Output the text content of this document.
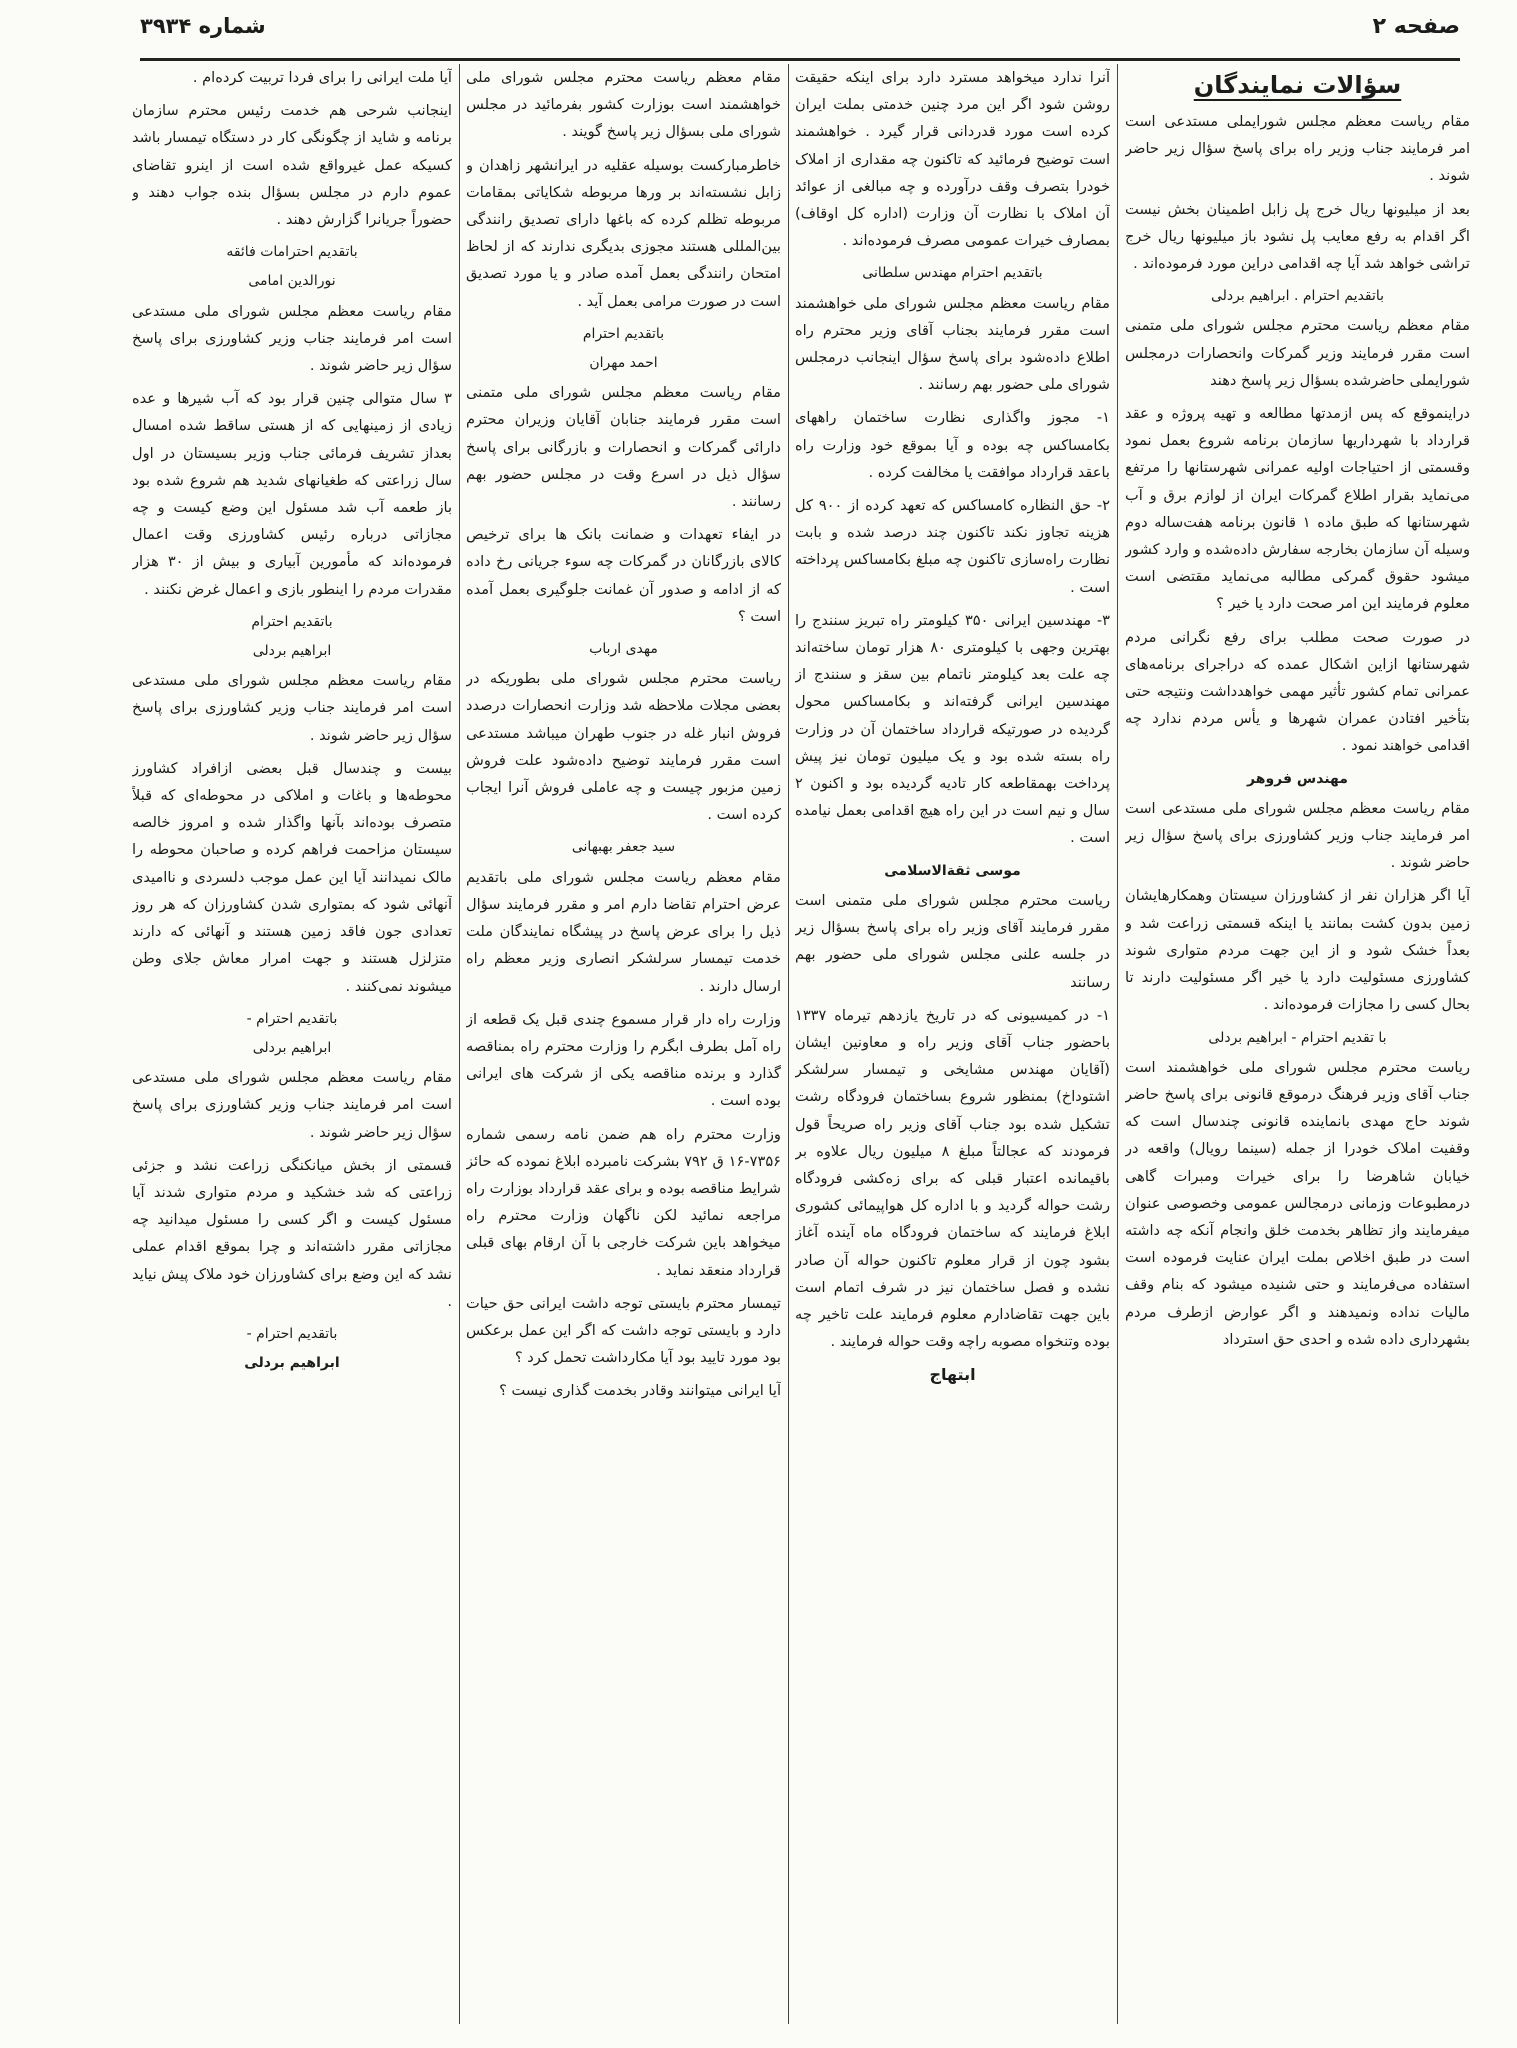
شماره ۳۹۳۴	صفحه ۲
سؤالات نمایندگان

مقام ریاست معظم مجلس شورایملی مستدعی است امر فرمایند جناب وزیر راه برای پاسخ سؤال زیر حاضر شوند .

بعد از میلیونها ریال خرج پل زابل اطمینان بخش نیست اگر اقدام به رفع معایب پل نشود باز میلیونها ریال خرج تراشی خواهد شد آیا چه اقدامی دراین مورد فرموده‌اند .

باتقدیم احترام . ابراهیم بردلی

مقام معظم ریاست محترم مجلس شورای ملی متمنی است مقرر فرمایند وزیر گمرکات وانحصارات درمجلس شورایملی حاضرشده بسؤال زیر پاسخ دهند

دراینموقع که پس ازمدتها مطالعه و تهیه پروژه و عقد قرارداد با شهرداریها سازمان برنامه شروع بعمل نمود وقسمتی از احتیاجات اولیه عمرانی شهرستانها را مرتفع می‌نماید بقرار اطلاع گمرکات ایران از لوازم برق و آب شهرستانها که طبق ماده ۱ قانون برنامه هفت‌ساله دوم وسیله آن سازمان بخارجه سفارش داده‌شده و وارد کشور میشود حقوق گمرکی مطالبه می‌نماید مقتضی است معلوم فرمایند این امر صحت دارد یا خیر ؟

در صورت صحت مطلب برای رفع نگرانی مردم شهرستانها ازاین اشکال عمده که دراجرای برنامه‌های عمرانی تمام کشور تأثیر مهمی خواهدداشت ونتیجه حتی بتأخیر افتادن عمران شهرها و یأس مردم ندارد چه اقدامی خواهند نمود .

مهندس فروهر

مقام ریاست معظم مجلس شورای ملی مستدعی است امر فرمایند جناب وزیر کشاورزی برای پاسخ سؤال زیر حاضر شوند .

آیا اگر هزاران نفر از کشاورزان سیستان وهمکارهایشان زمین بدون کشت بمانند یا اینکه قسمتی زراعت شد و بعداً خشک شود و از این جهت مردم متواری شوند کشاورزی مسئولیت دارد یا خیر اگر مسئولیت دارند تا بحال کسی را مجازات فرموده‌اند .

با تقدیم احترام - ابراهیم بردلی

ریاست محترم مجلس شورای ملی خواهشمند است جناب آقای وزیر فرهنگ درموقع قانونی برای پاسخ حاضر شوند حاج مهدی بانماینده قانونی چندسال است که وقفیت املاک خودرا از جمله (سینما رویال) واقعه در خیابان شاهرضا را برای خیرات ومبرات گاهی درمطبوعات وزمانی درمجالس عمومی وخصوصی عنوان میفرمایند واز تظاهر بخدمت خلق وانجام آنکه چه داشته است در طبق اخلاص بملت ایران عنایت فرموده است استفاده می‌فرمایند و حتی شنیده میشود که بنام وقف مالیات نداده ونمیدهند و اگر عوارض ازطرف مردم بشهرداری داده شده و احدی حق استرداد

آنرا ندارد میخواهد مسترد دارد برای اینکه حقیقت روشن شود اگر این مرد چنین خدمتی بملت ایران کرده است مورد قدردانی قرار گیرد . خواهشمند است توضیح فرمائید که تاکنون چه مقداری از املاک خودرا بتصرف وقف درآورده و چه مبالغی از عوائد آن املاک با نظارت آن وزارت (اداره کل اوقاف) بمصارف خیرات عمومی مصرف فرموده‌اند .

باتقدیم احترام مهندس سلطانی

مقام ریاست معظم مجلس شورای ملی خواهشمند است مقرر فرمایند بجناب آقای وزیر محترم راه اطلاع داده‌شود برای پاسخ سؤال اینجانب درمجلس شورای ملی حضور بهم رسانند .

۱- مجوز واگذاری نظارت ساختمان راههای بکامساکس چه بوده و آیا بموقع خود وزارت راه باعقد قرارداد موافقت یا مخالفت کرده .

۲- حق النظاره کامساکس که تعهد کرده از ۹۰۰ کل هزینه تجاوز نکند تاکنون چند درصد شده و بابت نظارت راه‌سازی تاکنون چه مبلغ بکامساکس پرداخته است .

۳- مهندسین ایرانی ۳۵۰ کیلومتر راه تبریز سنندج را بهترین وجهی با کیلومتری ۸۰ هزار تومان ساخته‌اند چه علت بعد کیلومتر ناتمام بین سقز و سنندج از مهندسین ایرانی گرفته‌اند و بکامساکس محول گردیده در صورتیکه قرارداد ساختمان آن در وزارت راه بسته شده بود و یک میلیون تومان نیز پیش پرداخت بهمقاطعه کار تادیه گردیده بود و اکنون ۲ سال و نیم است در این راه هیچ اقدامی بعمل نیامده است .

موسی ثقةالاسلامی

ریاست محترم مجلس شورای ملی متمنی است مقرر فرمایند آقای وزیر راه برای پاسخ بسؤال زیر در جلسه علنی مجلس شورای ملی حضور بهم رسانند

۱- در کمیسیونی که در تاریخ یازدهم تیرماه ۱۳۳۷ باحضور جناب آقای وزیر راه و معاونین ایشان (آقایان مهندس مشایخی و تیمسار سرلشکر اشتوداخ) بمنظور شروع بساختمان فرودگاه رشت تشکیل شده بود جناب آقای وزیر راه صریحاً قول فرمودند که عجالتاً مبلغ ۸ میلیون ریال علاوه بر باقیمانده اعتبار قبلی که برای زه‌کشی فرودگاه رشت حواله گردید و با اداره کل هواپیمائی کشوری ابلاغ فرمایند که ساختمان فرودگاه ماه آینده آغاز بشود چون از قرار معلوم تاکنون حواله آن صادر نشده و فصل ساختمان نیز در شرف اتمام است باین جهت تقاضادارم معلوم فرمایند علت تاخیر چه بوده وتنخواه مصوبه راچه وقت حواله فرمایند .

ابتهاج

مقام معظم ریاست محترم مجلس شورای ملی خواهشمند است بوزارت کشور بفرمائید در مجلس شورای ملی بسؤال زیر پاسخ گویند .

خاطرمبارکست بوسیله عقلیه در ایرانشهر زاهدان و زابل نشسته‌اند بر ورها مربوطه شکایاتی بمقامات مربوطه تظلم کرده که باغها دارای تصدیق رانندگی بین‌المللی هستند مجوزی بدیگری ندارند که از لحاظ امتحان رانندگی بعمل آمده صادر و یا مورد تصدیق است در صورت مرامی بعمل آید .

باتقدیم احترام
احمد مهران

مقام ریاست معظم مجلس شورای ملی متمنی است مقرر فرمایند جنابان آقایان وزیران محترم دارائی گمرکات و انحصارات و بازرگانی برای پاسخ سؤال ذیل در اسرع وقت در مجلس حضور بهم رسانند .

در ایفاء تعهدات و ضمانت بانک ها برای ترخیص کالای بازرگانان در گمرکات چه سوء جریانی رخ داده که از ادامه و صدور آن غمانت جلوگیری بعمل آمده است ؟

مهدی ارباب

ریاست محترم مجلس شورای ملی بطوریکه در بعضی مجلات ملاحظه شد وزارت انحصارات درصدد فروش انبار غله در جنوب طهران میباشد مستدعی است مقرر فرمایند توضیح داده‌شود علت فروش زمین مزبور چیست و چه عاملی فروش آنرا ایجاب کرده است .

سید جعفر بهبهانی

مقام معظم ریاست مجلس شورای ملی باتقدیم عرض احترام تقاضا دارم امر و مقرر فرمایند سؤال ذیل را برای عرض پاسخ در پیشگاه نمایندگان ملت خدمت تیمسار سرلشکر انصاری وزیر معظم راه ارسال دارند .

وزارت راه دار قرار مسموع چندی قبل یک قطعه از راه آمل بطرف ابگرم را وزارت محترم راه بمناقصه گذارد و برنده مناقصه یکی از شرکت های ایرانی بوده است .

وزارت محترم راه هم ضمن نامه رسمی شماره ۷۳۵۶-۱۶ ق ۷۹۲ بشرکت نامبرده ابلاغ نموده که حائز شرایط مناقصه بوده و برای عقد قرارداد بوزارت راه مراجعه نمائید لکن ناگهان وزارت محترم راه میخواهد باین شرکت خارجی با آن ارقام بهای قبلی قرارداد منعقد نماید .

تیمسار محترم بایستی توجه داشت ایرانی حق حیات دارد و بایستی توجه داشت که اگر این عمل برعکس بود مورد تایید بود آیا مکارداشت تحمل کرد ؟

آیا ایرانی میتوانند وقادر بخدمت گذاری نیست ؟

آیا ملت ایرانی را برای فردا تربیت کرده‌ام .

اینجانب شرحی هم خدمت رئیس محترم سازمان برنامه و شاید از چگونگی کار در دستگاه تیمسار باشد کسیکه عمل غیرواقع شده است از اینرو تقاضای عموم دارم در مجلس بسؤال بنده جواب دهند و حضوراً جریانرا گزارش دهند .

باتقدیم احترامات فائقه
نورالدین امامی

مقام ریاست معظم مجلس شورای ملی مستدعی است امر فرمایند جناب وزیر کشاورزی برای پاسخ سؤال زیر حاضر شوند .

۳ سال متوالی چنین قرار بود که آب شیرها و عده زیادی از زمینهایی که از هستی ساقط شده امسال بعداز تشریف فرمائی جناب وزیر بسیستان در اول سال زراعتی که طغیانهای شدید هم شروع شده بود باز طعمه آب شد مسئول این وضع کیست و چه مجازاتی درباره رئیس کشاورزی وقت اعمال فرموده‌اند که مأمورین آبیاری و بیش از ۳۰ هزار مقدرات مردم را اینطور بازی و اعمال غرض نکنند .

باتقدیم احترام
ابراهیم بردلی

مقام ریاست معظم مجلس شورای ملی مستدعی است امر فرمایند جناب وزیر کشاورزی برای پاسخ سؤال زیر حاضر شوند .

بیست و چندسال قبل بعضی ازافراد کشاورز محوطه‌ها و باغات و املاکی در محوطه‌ای که قبلاً متصرف بوده‌اند بآنها واگذار شده و امروز خالصه سیستان مزاحمت فراهم کرده و صاحبان محوطه را مالک نمیدانند آیا این عمل موجب دلسردی و ناامیدی آنهائی شود که بمتواری شدن کشاورزان که هر روز تعدادی جون فاقد زمین هستند و آنهائی که دارند متزلزل هستند و جهت امرار معاش جلای وطن میشوند نمی‌کنند .

باتقدیم احترام -
ابراهیم بردلی

مقام ریاست معظم مجلس شورای ملی مستدعی است امر فرمایند جناب وزیر کشاورزی برای پاسخ سؤال زیر حاضر شوند .

قسمتی از بخش میانکنگی زراعت نشد و جزئی زراعتی که شد خشکید و مردم متواری شدند آیا مسئول کیست و اگر کسی را مسئول میدانید چه مجازاتی مقرر داشته‌اند و چرا بموقع اقدام عملی نشد که این وضع برای کشاورزان خود ملاک پیش نیاید .

باتقدیم احترام -
ابراهیم بردلی
